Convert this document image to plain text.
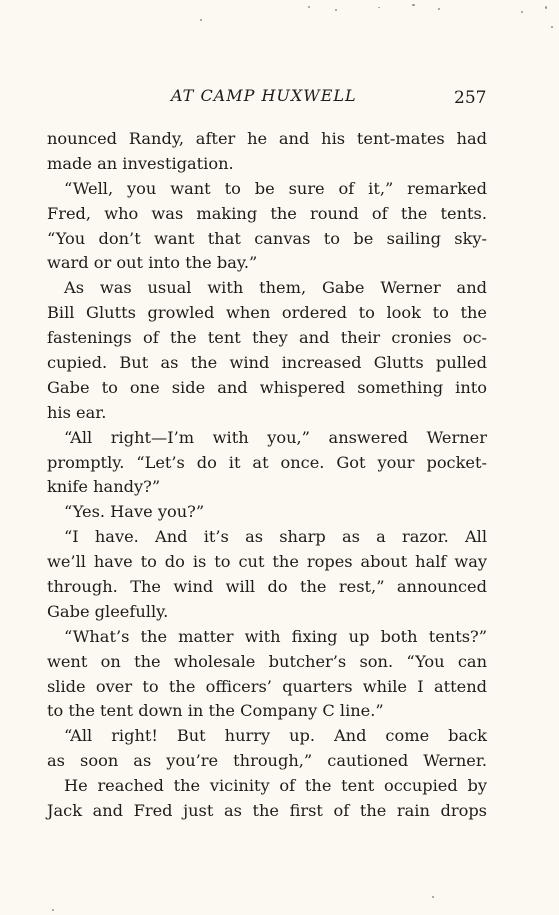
AT CAMP HUXWELL	257
nounced Randy, after he and his tent-mates had
made an investigation.
“Well, you want to be sure of it,” remarked
Fred, who was making the round of the tents.
“You don’t want that canvas to be sailing sky-
ward or out into the bay.”
As was usual with them, Gabe Werner and
Bill Glutts growled when ordered to look to the
fastenings of the tent they and their cronies oc-
cupied. But as the wind increased Glutts pulled
Gabe to one side and whispered something into
his ear.
“All right—I’m with you,” answered Werner
promptly. “Let’s do it at once. Got your pocket-
knife handy?”
“Yes. Have you?”
“I have. And it’s as sharp as a razor. All
we’ll have to do is to cut the ropes about half way
through. The wind will do the rest,” announced
Gabe gleefully.
“What’s the matter with fixing up both tents?”
went on the wholesale butcher’s son. “You can
slide over to the officers’ quarters while I attend
to the tent down in the Company C line.”
“All right! But hurry up. And come back
as soon as you’re through,” cautioned Werner.
He reached the vicinity of the tent occupied by
Jack and Fred just as the first of the rain drops
